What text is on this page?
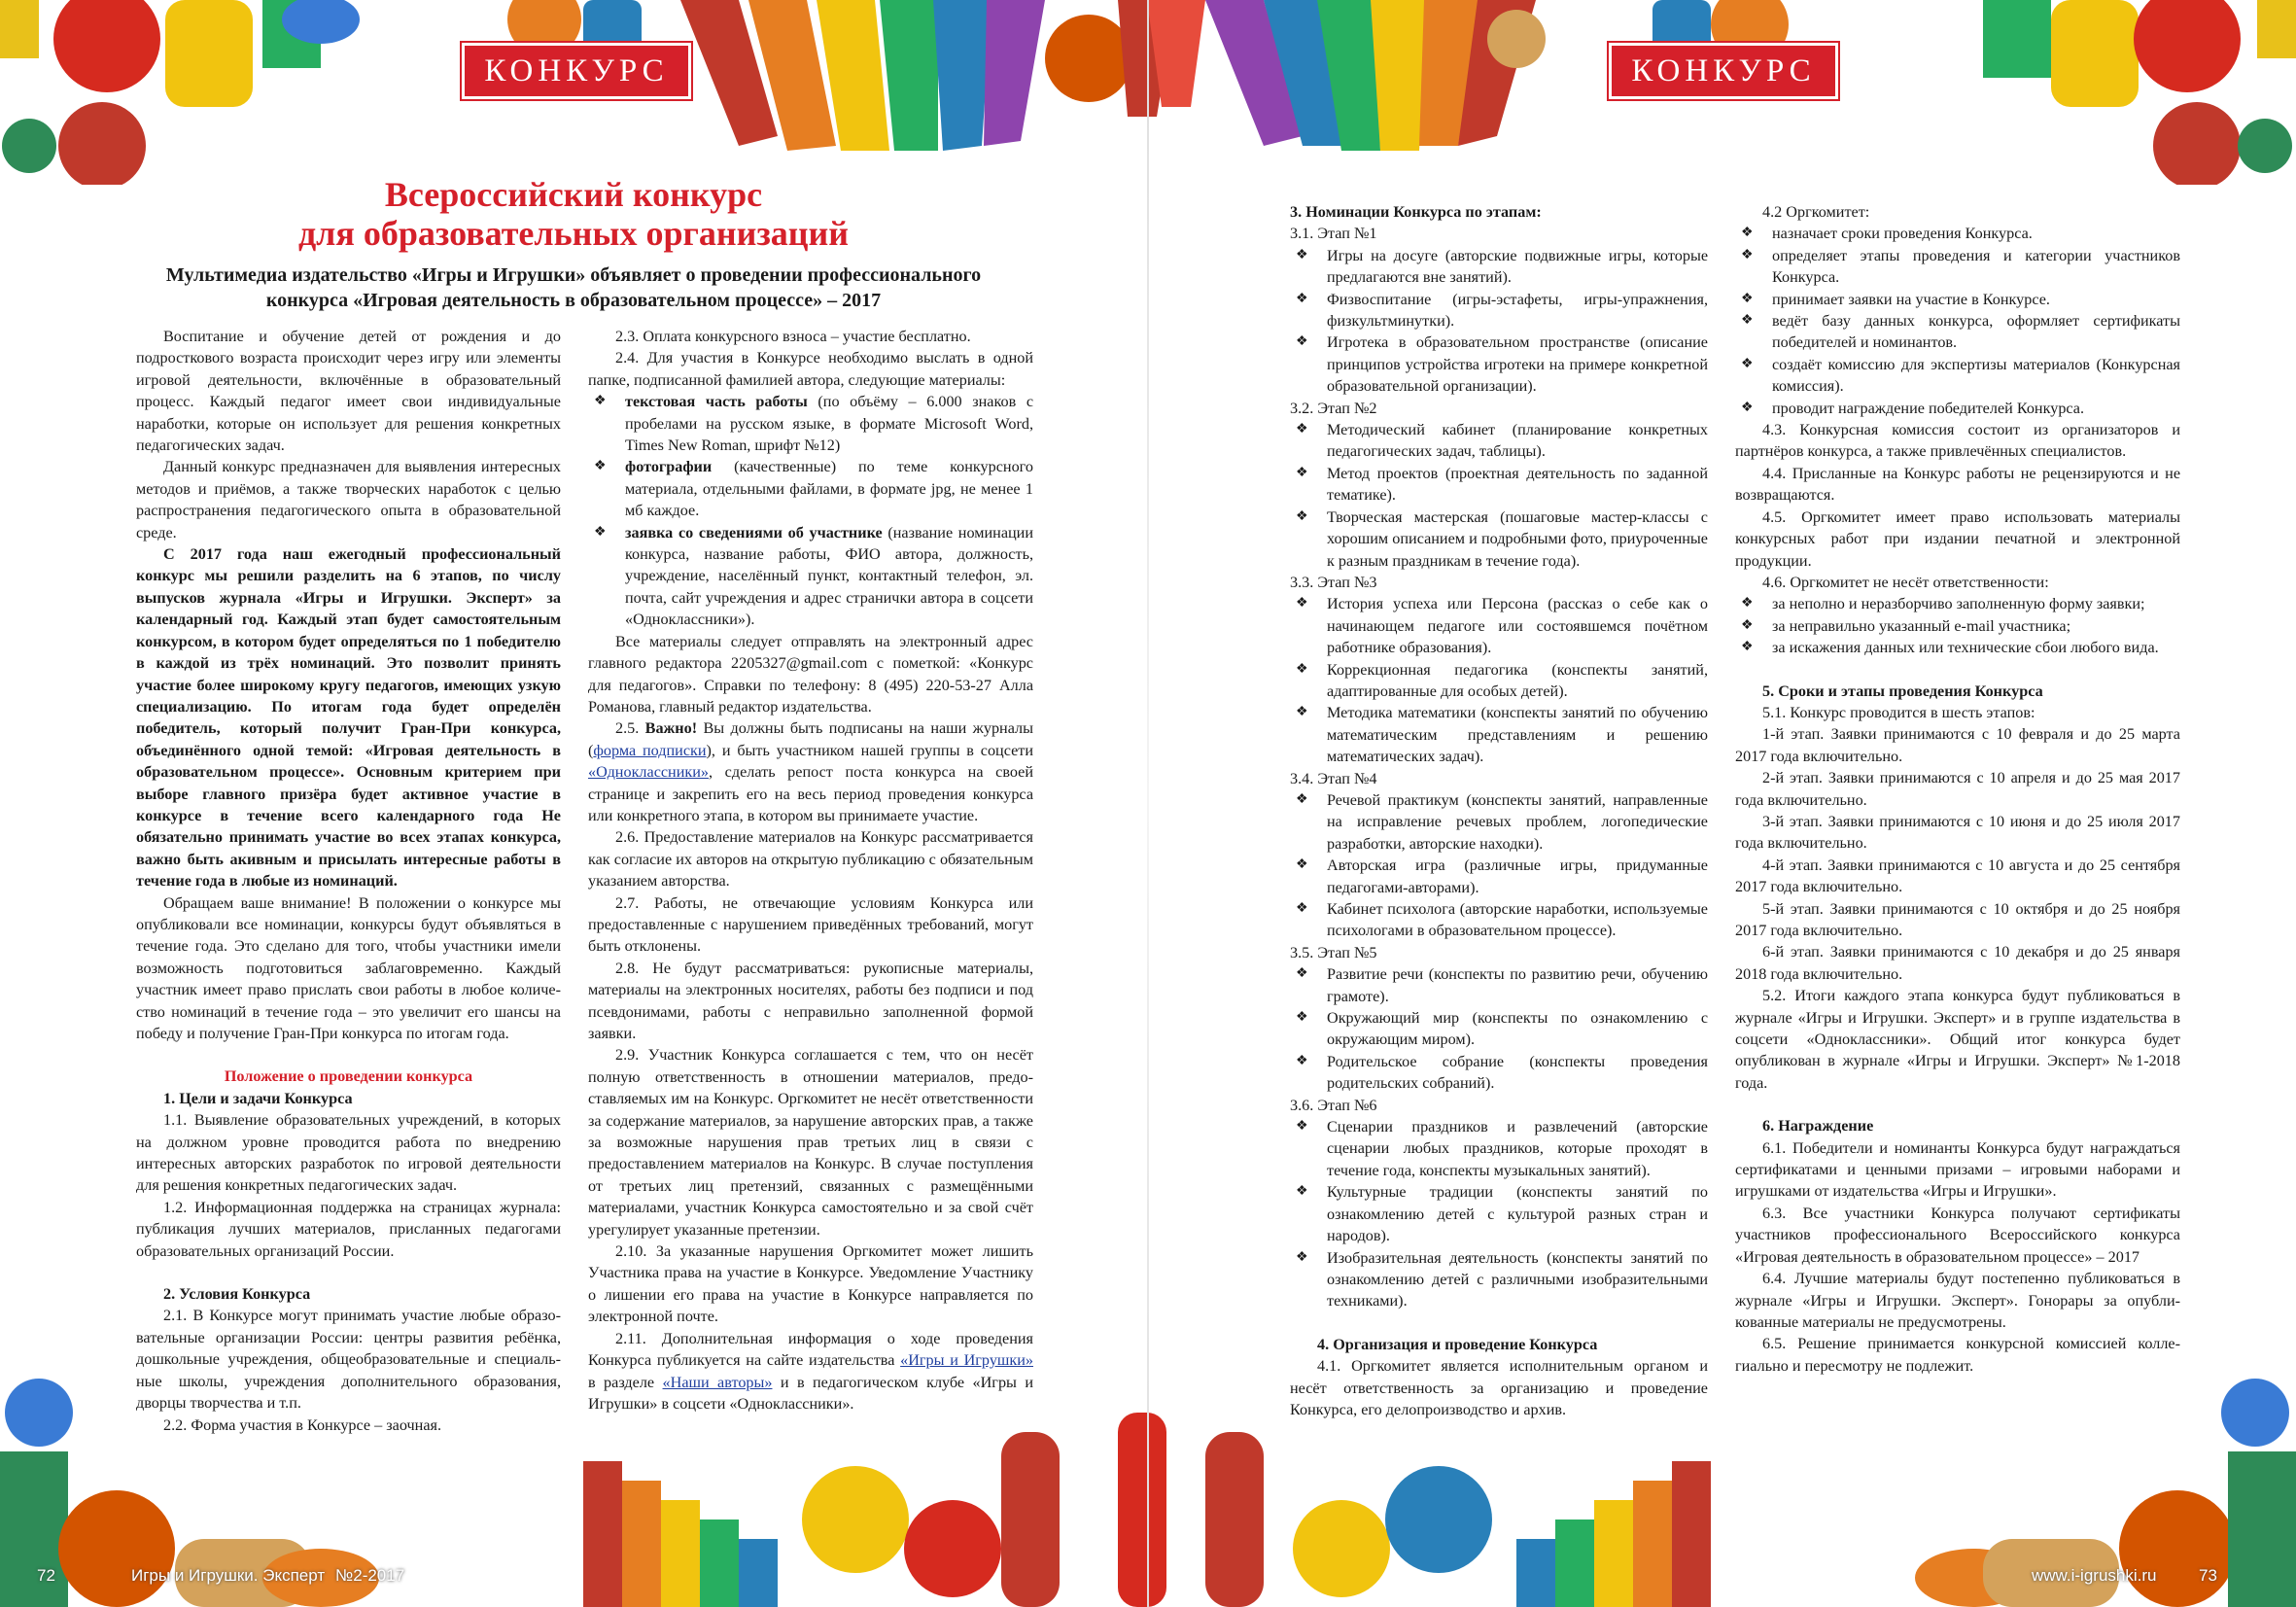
КОНКУРС	КОНКУРС
Всероссийский конкурс
для образовательных организаций
Мультимедиа издательство «Игры и Игрушки» объявляет о проведении профессионального конкурса «Игровая деятельность в образовательном процессе» – 2017

Воспитание и обучение детей от рождения и до подросткового возраста происходит через игру или элементы игровой деятельности, включённые в образовательный процесс. Каждый педагог имеет свои индивидуальные наработки, которые он использует для решения конкретных педагогических задач.

Данный конкурс предназначен для выявления интересных методов и приёмов, а также творческих наработок с целью распространения педагогического опыта в образовательной среде.

С 2017 года наш ежегодный профессиональный конкурс мы решили разделить на 6 этапов, по числу выпусков журнала «Игры и Игрушки. Эксперт» за календарный год. Каждый этап будет самостоятельным конкурсом, в котором будет определяться по 1 победителю в каждой из трёх номинаций. Это позволит принять участие более широкому кругу педагогов, имеющих узкую специализацию. По итогам года будет определён победитель, который получит Гран-При конкурса, объединённого одной темой: «Игровая деятельность в образовательном процессе». Основным критерием при выборе главного призёра будет активное участие в конкурсе в течение всего календарного года Не обязательно принимать участие во всех этапах конкурса, важно быть акивным и присылать интересные работы в течение года в любые из номинаций.

Обращаем ваше внимание! В положении о конкурсе мы опубликовали все номинации, конкурсы будут объявляться в течение года. Это сделано для того, чтобы участники имели возможность подготовиться заблаговременно. Каждый участник имеет право прислать свои работы в любое количество номинаций в течение года – это увеличит его шансы на победу и получение Гран-При конкурса по итогам года.

Положение о проведении конкурса

1. Цели и задачи Конкурса

1.1. Выявление образовательных учреждений, в которых на должном уровне проводится работа по внедрению интересных авторских разработок по игровой деятельности для решения конкретных педагогических задач.

1.2. Информационная поддержка на страницах журнала: публикация лучших материалов, присланных педагогами образовательных организаций России.

2. Условия Конкурса

2.1. В Конкурсе могут принимать участие любые образовательные организации России: центры развития ребёнка, дошкольные учреждения, общеобразовательные и специальные школы, учреждения дополнительного образования, дворцы творчества и т.п.

2.2. Форма участия в Конкурсе – заочная.

2.3. Оплата конкурсного взноса – участие бесплатно.

2.4. Для участия в Конкурсе необходимо выслать в одной папке, подписанной фамилией автора, следующие материалы:

❖ текстовая часть работы (по объёму – 6.000 знаков с пробелами на русском языке, в формате Microsoft Word, Times New Roman, шрифт №12)
❖ фотографии (качественные) по теме конкурсного материала, отдельными файлами, в формате jpg, не менее 1 мб каждое.
❖ заявка со сведениями об участнике (название номинации конкурса, название работы, ФИО автора, должность, учреждение, населённый пункт, контактный телефон, эл. почта, сайт учреждения и адрес странички автора в соцсети «Одноклассники»).

Все материалы следует отправлять на электронный адрес главного редактора 2205327@gmail.com с пометкой: «Конкурс для педагогов». Справки по телефону: 8 (495) 220-53-27 Алла Романова, главный редактор издательства.

2.5. Важно! Вы должны быть подписаны на наши журналы (форма подписки), и быть участником нашей группы в соцсети «Одноклассники», сделать репост поста конкурса на своей странице и закрепить его на весь период проведения конкурса или конкретного этапа, в котором вы принимаете участие.

2.6. Предоставление материалов на Конкурс рассматривается как согласие их авторов на открытую публикацию с обязательным указанием авторства.

2.7. Работы, не отвечающие условиям Конкурса или предоставленные с нарушением приведённых требований, могут быть отклонены.

2.8. Не будут рассматриваться: рукописные материалы, материалы на электронных носителях, работы без подписи и под псевдонимами, работы с неправильно заполненной формой заявки.

2.9. Участник Конкурса соглашается с тем, что он несёт полную ответственность в отношении материалов, предоставляемых им на Конкурс. Оргкомитет не несёт ответственности за содержание материалов, за нарушение авторских прав, а также за возможные нарушения прав третьих лиц в связи с предоставлением материалов на Конкурс. В случае поступления от третьих лиц претензий, связанных с размещёнными материалами, участник Конкурса самостоятельно и за свой счёт урегулирует указанные претензии.

2.10. За указанные нарушения Оргкомитет может лишить Участника права на участие в Конкурсе. Уведомление Участнику о лишении его права на участие в Конкурсе направляется по электронной почте.

2.11. Дополнительная информация о ходе проведения Конкурса публикуется на сайте издательства «Игры и Игрушки» в разделе «Наши авторы» и в педагогическом клубе «Игры и Игрушки» в соцсети «Одноклассники».

3. Номинации Конкурса по этапам:

3.1. Этап №1

❖ Игры на досуге (авторские подвижные игры, которые предлагаются вне занятий).
❖ Физвоспитание (игры-эстафеты, игры-упражнения, физкультминутки).
❖ Игротека в образовательном пространстве (описание принципов устройства игротеки на примере конкретной образовательной организации).

3.2. Этап №2

❖ Методический кабинет (планирование конкретных педагогических задач, таблицы).
❖ Метод проектов (проектная деятельность по заданной тематике).
❖ Творческая мастерская (пошаговые мастер-классы с хорошим описанием и подробными фото, приуроченные к разным праздникам в течение года).

3.3. Этап №3

❖ История успеха или Персона (рассказ о себе как о начинающем педагоге или состоявшемся почётном работнике образования).
❖ Коррекционная педагогика (конспекты занятий, адаптированные для особых детей).
❖ Методика математики (конспекты занятий по обучению математическим представлениям и решению математических задач).

3.4. Этап №4

❖ Речевой практикум (конспекты занятий, направленные на исправление речевых проблем, логопедические разработки, авторские находки).
❖ Авторская игра (различные игры, придуманные педагогами-авторами).
❖ Кабинет психолога (авторские наработки, используемые психологами в образовательном процессе).

3.5. Этап №5

❖ Развитие речи (конспекты по развитию речи, обучению грамоте).
❖ Окружающий мир (конспекты по ознакомлению с окружающим миром).
❖ Родительское собрание (конспекты проведения родительских собраний).

3.6. Этап №6

❖ Сценарии праздников и развлечений (авторские сценарии любых праздников, которые проходят в течение года, конспекты музыкальных занятий).
❖ Культурные традиции (конспекты занятий по ознакомлению детей с культурой разных стран и народов).
❖ Изобразительная деятельность (конспекты занятий по ознакомлению детей с различными изобразительными техниками).

4. Организация и проведение Конкурса

4.1. Оргкомитет является исполнительным органом и несёт ответственность за организацию и проведение Конкурса, его делопроизводство и архив.

4.2 Оргкомитет:

❖ назначает сроки проведения Конкурса.
❖ определяет этапы проведения и категории участников Конкурса.
❖ принимает заявки на участие в Конкурсе.
❖ ведёт базу данных конкурса, оформляет сертификаты победителей и номинантов.
❖ создаёт комиссию для экспертизы материалов (Конкурсная комиссия).
❖ проводит награждение победителей Конкурса.

4.3. Конкурсная комиссия состоит из организаторов и партнёров конкурса, а также привлечённых специалистов.

4.4. Присланные на Конкурс работы не рецензируются и не возвращаются.

4.5. Оргкомитет имеет право использовать материалы конкурсных работ при издании печатной и электронной продукции.

4.6. Оргкомитет не несёт ответственности:

❖ за неполно и неразборчиво заполненную форму заявки;
❖ за неправильно указанный e-mail участника;
❖ за искажения данных или технические сбои любого вида.

5. Сроки и этапы проведения Конкурса

5.1. Конкурс проводится в шесть этапов:

1-й этап. Заявки принимаются с 10 февраля и до 25 марта 2017 года включительно.

2-й этап. Заявки принимаются с 10 апреля и до 25 мая 2017 года включительно.

3-й этап. Заявки принимаются с 10 июня и до 25 июля 2017 года включительно.

4-й этап. Заявки принимаются с 10 августа и до 25 сентября 2017 года включительно.

5-й этап. Заявки принимаются с 10 октября и до 25 ноября 2017 года включительно.

6-й этап. Заявки принимаются с 10 декабря и до 25 января 2018 года включительно.

5.2. Итоги каждого этапа конкурса будут публиковаться в журнале «Игры и Игрушки. Эксперт» и в группе издательства в соцсети «Одноклассники». Общий итог конкурса будет опубликован в журнале «Игры и Игрушки. Эксперт» №1-2018 года.

6. Награждение

6.1. Победители и номинанты Конкурса будут награждаться сертификатами и ценными призами – игровыми наборами и игрушками от издательства «Игры и Игрушки».

6.3. Все участники Конкурса получают сертификаты участников профессионального Всероссийского конкурса «Игровая деятельность в образовательном процессе» – 2017

6.4. Лучшие материалы будут постепенно публиковаться в журнале «Игры и Игрушки. Эксперт». Гонорары за опубликованные материалы не предусмотрены.

6.5. Решение принимается конкурсной комиссией коллегиально и пересмотру не подлежит.

72	Игры и Игрушки. Эксперт №2-2017	www.i-igrushki.ru	73
